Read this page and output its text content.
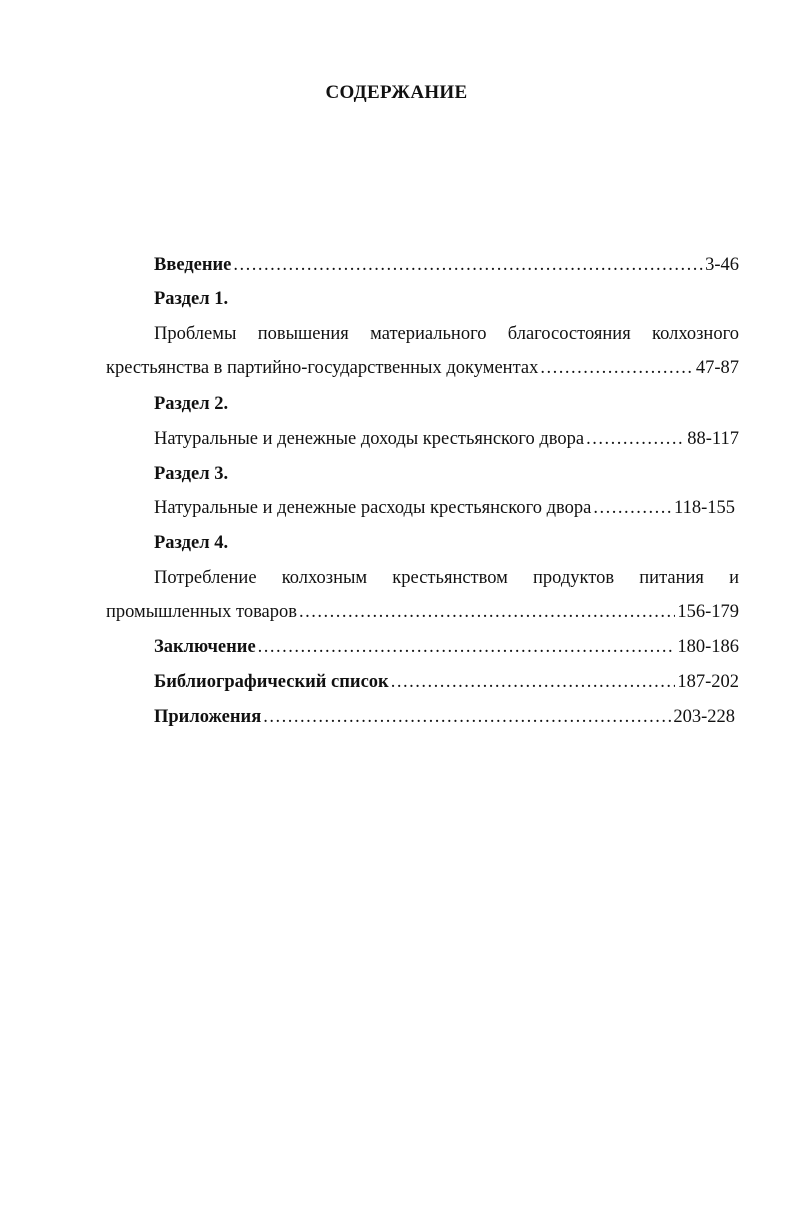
СОДЕРЖАНИЕ
Введение .....	3-46
Раздел 1.
Проблемы повышения материального благосостояния колхозного
крестьянства в партийно-государственных документах .....	47-87
Раздел 2.
Натуральные и денежные доходы крестьянского двора .....	88-117
Раздел 3.
Натуральные и денежные расходы крестьянского двора .....	118-155
Раздел 4.
Потребление колхозным крестьянством продуктов питания и
промышленных товаров .....	156-179
Заключение .....	180-186
Библиографический список .....	187-202
Приложения .....	203-228
